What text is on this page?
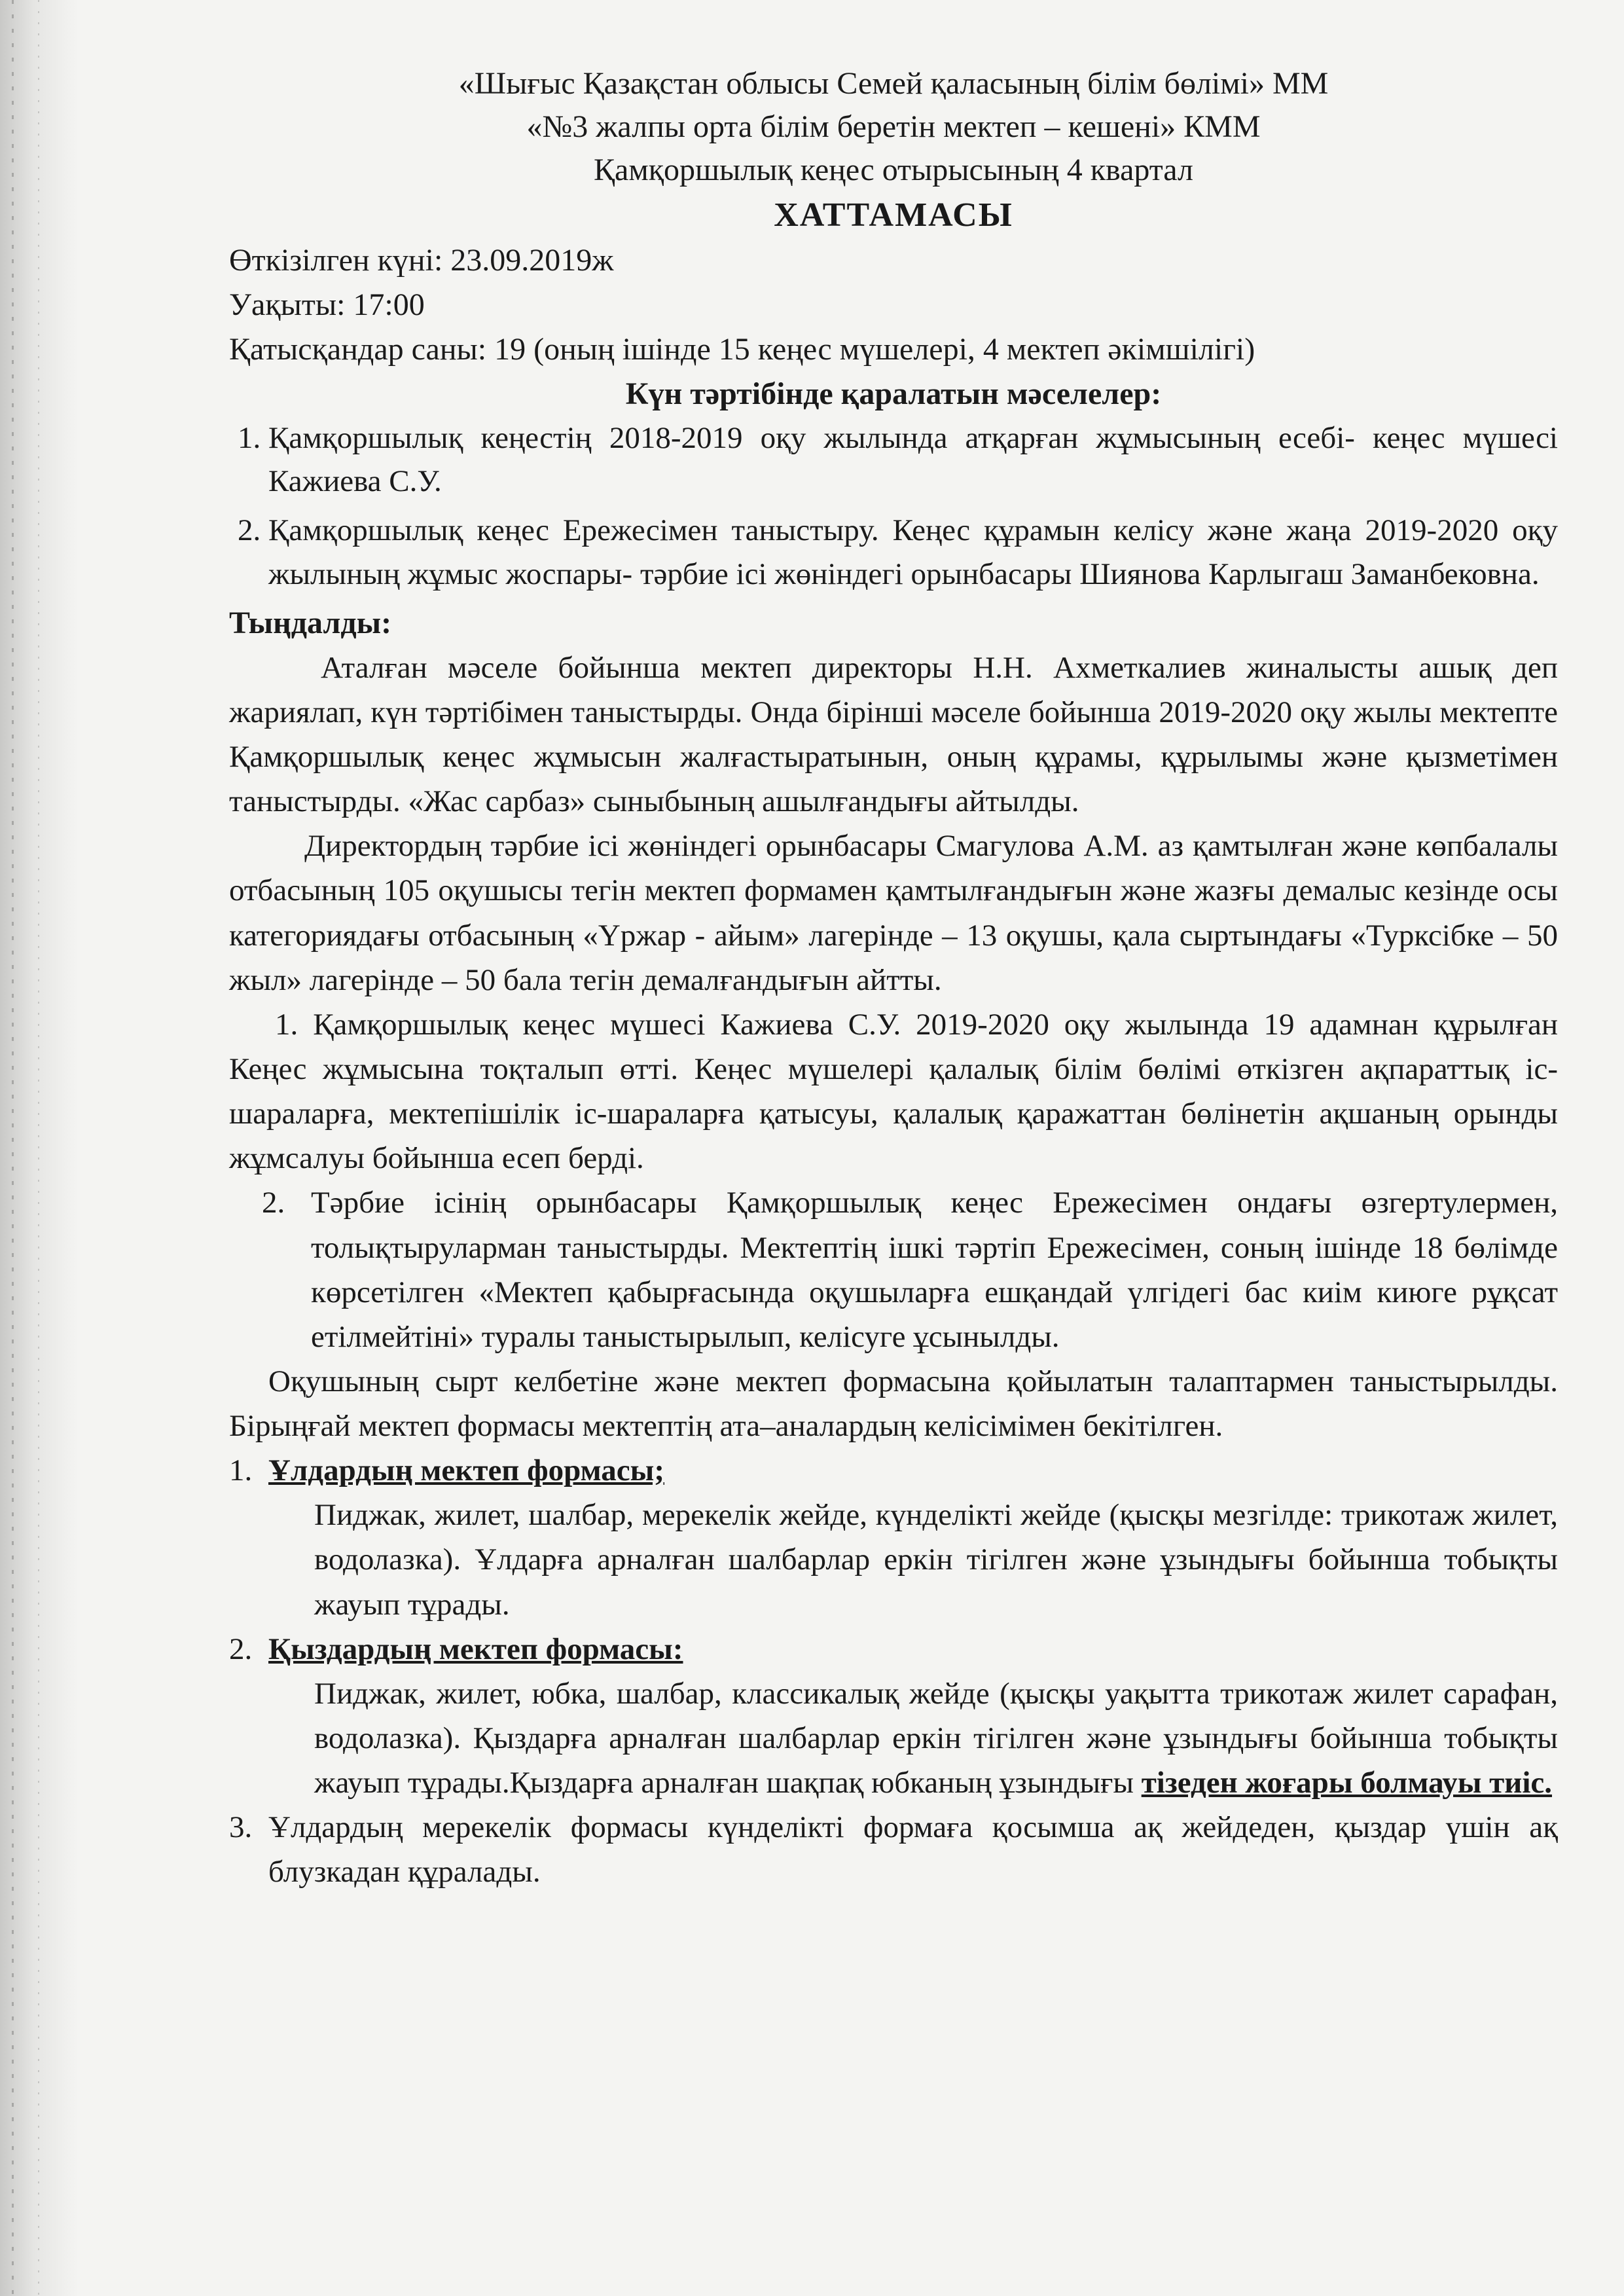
«Шығыс Қазақстан облысы Семей қаласының білім бөлімі» ММ

«№3 жалпы орта білім беретін мектеп – кешені» КММ

Қамқоршылық кеңес отырысының 4 квартал

ХАТТАМАСЫ

Өткізілген күні: 23.09.2019ж

Уақыты: 17:00

Қатысқандар саны: 19 (оның ішінде 15 кеңес мүшелері, 4 мектеп әкімшілігі)

Күн тәртібінде қаралатын мәселелер:

1. Қамқоршылық кеңестің 2018-2019 оқу жылында атқарған жұмысының есебі- кеңес мүшесі Кажиева С.У.
2. Қамқоршылық кеңес Ережесімен таныстыру. Кеңес құрамын келісу және жаңа 2019-2020 оқу жылының жұмыс жоспары- тәрбие ісі жөніндегі орынбасары Шиянова Карлыгаш Заманбековна.

Тыңдалды:

Аталған мәселе бойынша мектеп директоры Н.Н. Ахметкалиев жиналысты ашық деп жариялап, күн тәртібімен таныстырды. Онда бірінші мәселе бойынша 2019-2020 оқу жылы мектепте Қамқоршылық кеңес жұмысын жалғастыратынын, оның құрамы, құрылымы және қызметімен таныстырды. «Жас сарбаз» сыныбының ашылғандығы айтылды.

Директордың тәрбие ісі жөніндегі орынбасары Смагулова А.М. аз қамтылған және көпбалалы отбасының 105 оқушысы тегін мектеп формамен қамтылғандығын және жазғы демалыс кезінде осы категориядағы отбасының «Үржар - айым» лагерінде – 13 оқушы, қала сыртындағы «Турксібке – 50 жыл» лагерінде – 50 бала тегін демалғандығын айтты.

1. Қамқоршылық кеңес мүшесі Кажиева С.У. 2019-2020 оқу жылында 19 адамнан құрылған Кеңес жұмысына тоқталып өтті. Кеңес мүшелері қалалық білім бөлімі өткізген ақпараттық іс-шараларға, мектепішілік іс-шараларға қатысуы, қалалық қаражаттан бөлінетін ақшаның орынды жұмсалуы бойынша есеп берді.

2. Тәрбие ісінің орынбасары Қамқоршылық кеңес Ережесімен ондағы өзгертулермен, толықтыруларман таныстырды. Мектептің ішкі тәртіп Ережесімен, соның ішінде 18 бөлімде көрсетілген «Мектеп қабырғасында оқушыларға ешқандай үлгідегі бас киім киюге рұқсат етілмейтіні» туралы таныстырылып, келісуге ұсынылды.

Оқушының сырт келбетіне және мектеп формасына қойылатын талаптармен таныстырылды. Бірыңғай мектеп формасы мектептің ата–аналардың келісімімен бекітілген.

1. Ұлдардың мектеп формасы;

Пиджак, жилет, шалбар, мерекелік жейде, күнделікті жейде (қысқы мезгілде: трикотаж жилет, водолазка). Ұлдарға арналған шалбарлар еркін тігілген және ұзындығы бойынша тобықты жауып тұрады.

2. Қыздардың мектеп формасы:

Пиджак, жилет, юбка, шалбар, классикалық жейде (қысқы уақытта трикотаж жилет сарафан, водолазка). Қыздарға арналған шалбарлар еркін тігілген және ұзындығы бойынша тобықты жауып тұрады.Қыздарға арналған шақпақ юбканың ұзындығы тізеден жоғары болмауы тиіс.

3. Ұлдардың мерекелік формасы күнделікті формаға қосымша ақ жейдеден, қыздар үшін ақ блузкадан құралады.
